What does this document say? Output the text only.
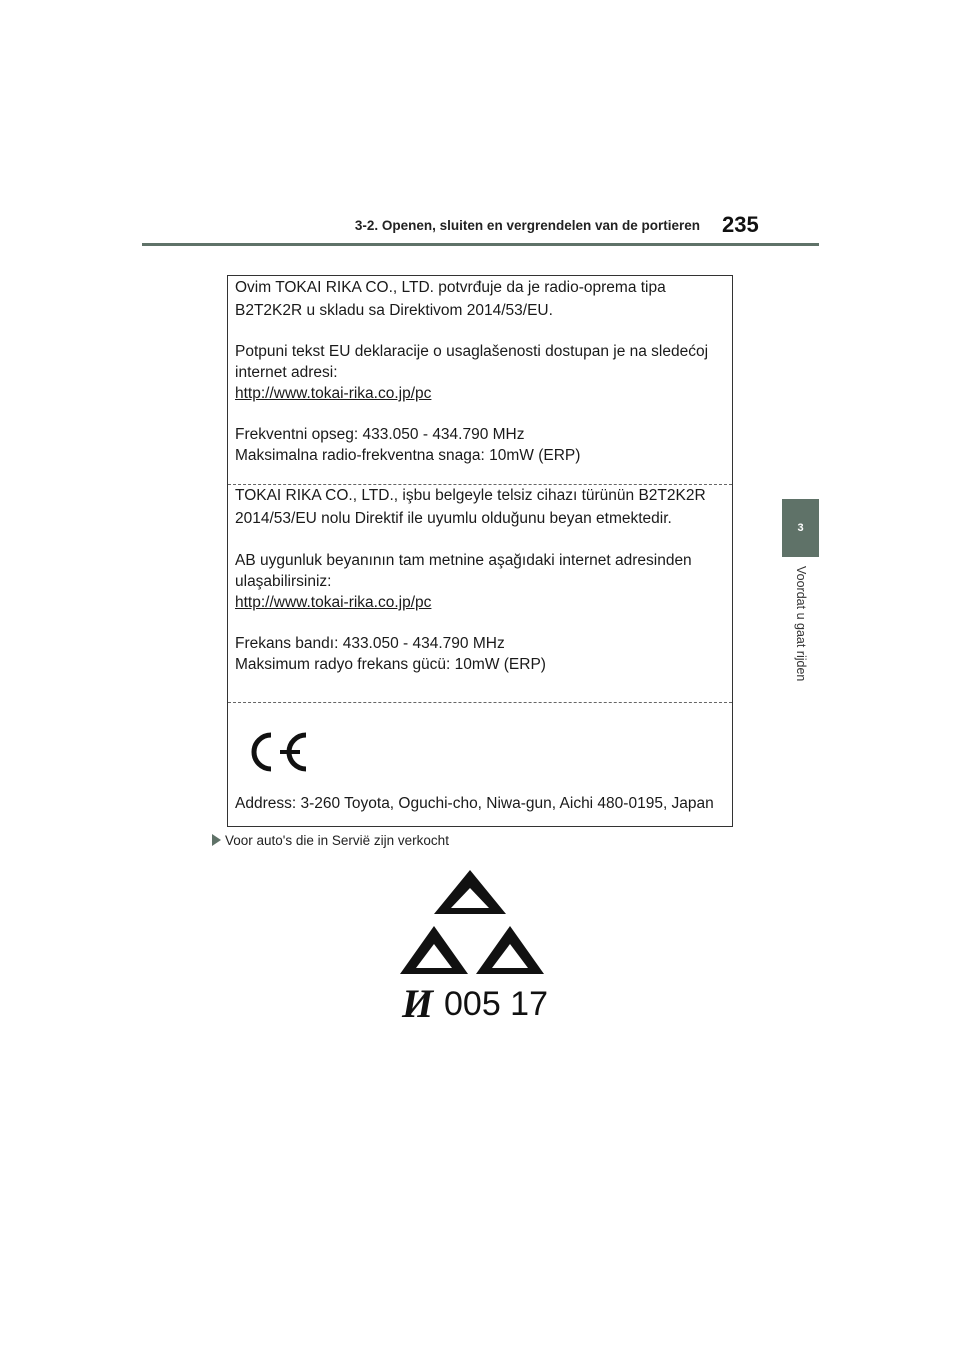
3-2. Openen, sluiten en vergrendelen van de portieren 235
3
Voordat u gaat rijden
Ovim TOKAI RIKA CO., LTD. potvrđuje da je radio-oprema tipa
B2T2K2R u skladu sa Direktivom 2014/53/EU.
Potpuni tekst EU deklaracije o usaglašenosti dostupan je na sledećoj
internet adresi:
http://www.tokai-rika.co.jp/pc
Frekventni opseg: 433.050 - 434.790 MHz
Maksimalna radio-frekventna snaga: 10mW (ERP)
TOKAI RIKA CO., LTD., işbu belgeyle telsiz cihazı türünün B2T2K2R
2014/53/EU nolu Direktif ile uyumlu olduğunu beyan etmektedir.
AB uygunluk beyanının tam metnine aşağıdaki internet adresinden
ulaşabilirsiniz:
http://www.tokai-rika.co.jp/pc
Frekans bandı: 433.050 - 434.790 MHz
Maksimum radyo frekans gücü: 10mW (ERP)
Address: 3-260 Toyota, Oguchi-cho, Niwa-gun, Aichi 480-0195, Japan
Voor auto's die in Servië zijn verkocht
И 005 17
